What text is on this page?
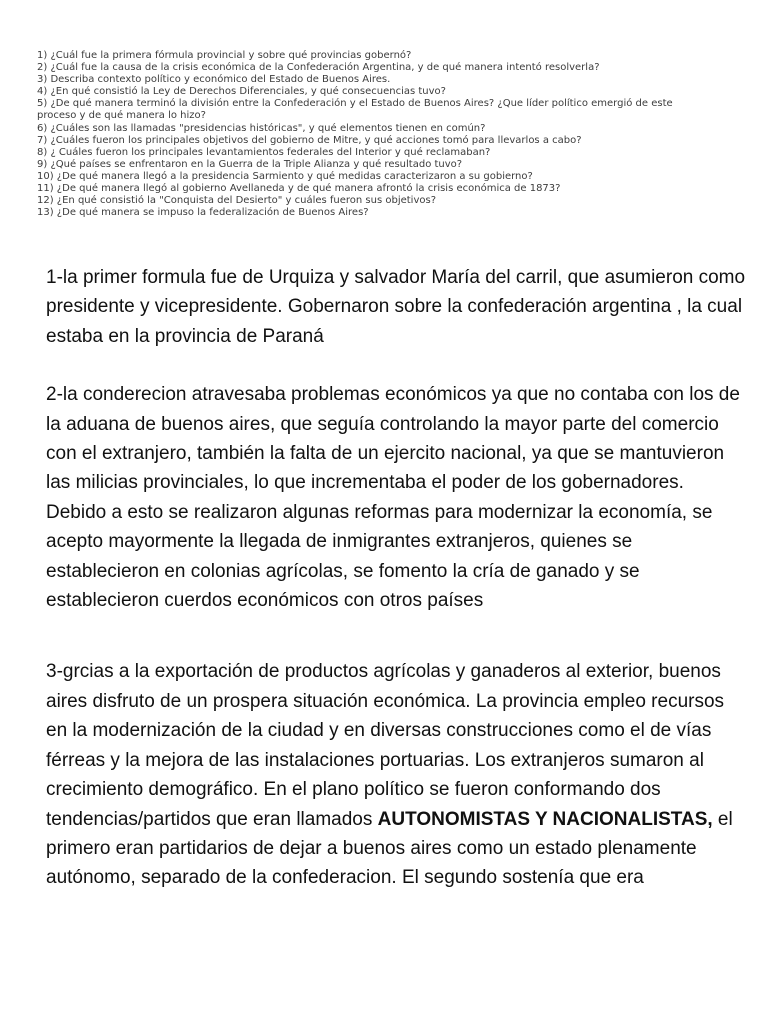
1) ¿Cuál fue la primera fórmula provincial y sobre qué provincias gobernó?
2) ¿Cuál fue la causa de la crisis económica de la Confederación Argentina, y de qué manera intentó resolverla?
3) Describa contexto político y económico del Estado de Buenos Aires.
4) ¿En qué consistió la Ley de Derechos Diferenciales, y qué consecuencias tuvo?
5) ¿De qué manera terminó la división entre la Confederación y el Estado de Buenos Aires? ¿Que líder político emergió de este
proceso y de qué manera lo hizo?
6) ¿Cuáles son las llamadas "presidencias históricas", y qué elementos tienen en común?
7) ¿Cuáles fueron los principales objetivos del gobierno de Mitre, y qué acciones tomó para llevarlos a cabo?
8) ¿ Cuáles fueron los principales levantamientos federales del Interior y qué reclamaban?
9) ¿Qué países se enfrentaron en la Guerra de la Triple Alianza y qué resultado tuvo?
10) ¿De qué manera llegó a la presidencia Sarmiento y qué medidas caracterizaron a su gobierno?
11) ¿De qué manera llegó al gobierno Avellaneda y de qué manera afrontó la crisis económica de 1873?
12) ¿En qué consistió la "Conquista del Desierto" y cuáles fueron sus objetivos?
13) ¿De qué manera se impuso la federalización de Buenos Aires?

1-la primer formula fue de Urquiza y salvador María del carril, que asumieron como presidente y vicepresidente. Gobernaron sobre la confederación argentina , la cual estaba en la provincia de Paraná

2-la conderecion atravesaba problemas económicos ya que no contaba con los de la aduana de buenos aires, que seguía controlando la mayor parte del comercio con el extranjero, también la falta de un ejercito nacional, ya que se mantuvieron las milicias provinciales, lo que incrementaba el poder de los gobernadores. Debido a esto se realizaron algunas reformas para modernizar la economía, se acepto mayormente la llegada de inmigrantes extranjeros, quienes se establecieron en colonias agrícolas, se fomento la cría de ganado y se establecieron cuerdos económicos con otros países

3-grcias a la exportación de productos agrícolas y ganaderos al exterior, buenos aires disfruto de un prospera situación económica. La provincia empleo recursos en la modernización de la ciudad y en diversas construcciones como el de vías férreas y la mejora de las instalaciones portuarias. Los extranjeros sumaron al crecimiento demográfico. En el plano político se fueron conformando dos tendencias/partidos que eran llamados AUTONOMISTAS Y NACIONALISTAS, el primero eran partidarios de dejar a buenos aires como un estado plenamente autónomo, separado de la confederacion. El segundo sostenía que era
